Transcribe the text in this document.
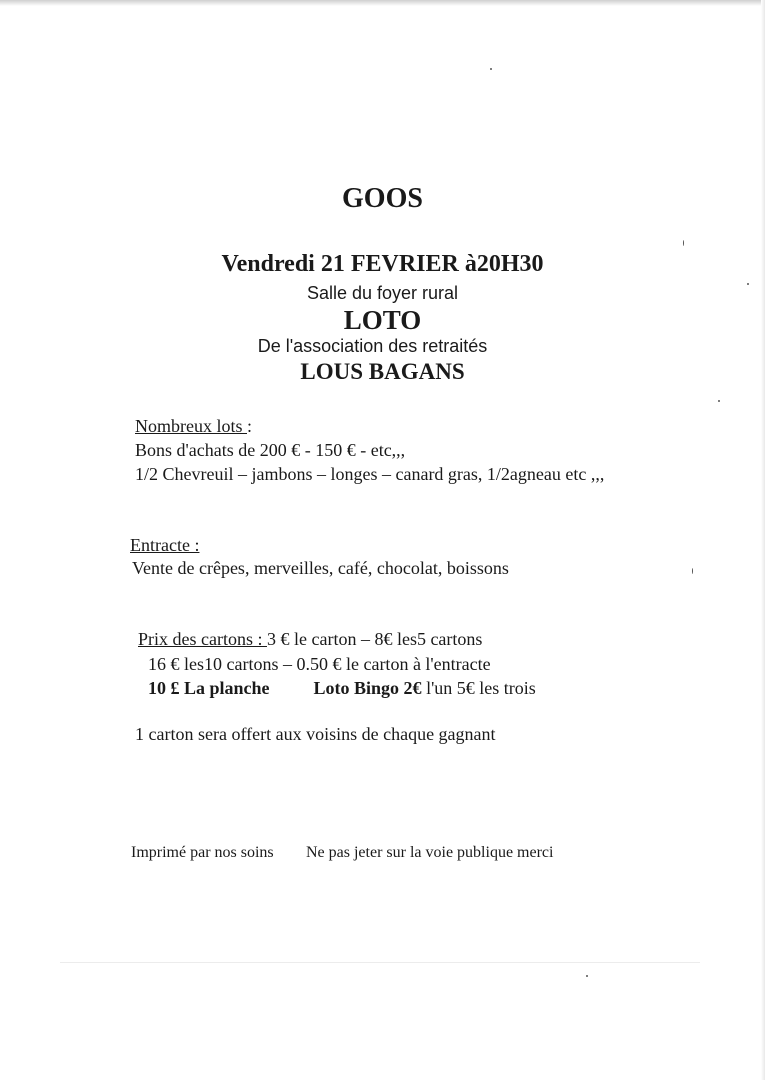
GOOS
Vendredi 21 FEVRIER à20H30
Salle du foyer rural
LOTO
De l'association des retraités
LOUS BAGANS
Nombreux lots :
Bons d'achats de 200 € - 150 € - etc,,,
1/2 Chevreuil – jambons – longes – canard gras, 1/2agneau etc ,,,
Entracte :
Vente de crêpes, merveilles, café, chocolat, boissons
Prix des cartons : 3 € le carton – 8€ les5 cartons
16 € les10 cartons – 0.50 € le carton à l'entracte
10 £ La planche Loto Bingo 2€ l'un 5€ les trois
1 carton sera offert aux voisins de chaque gagnant
Imprimé par nos soins Ne pas jeter sur la voie publique merci
